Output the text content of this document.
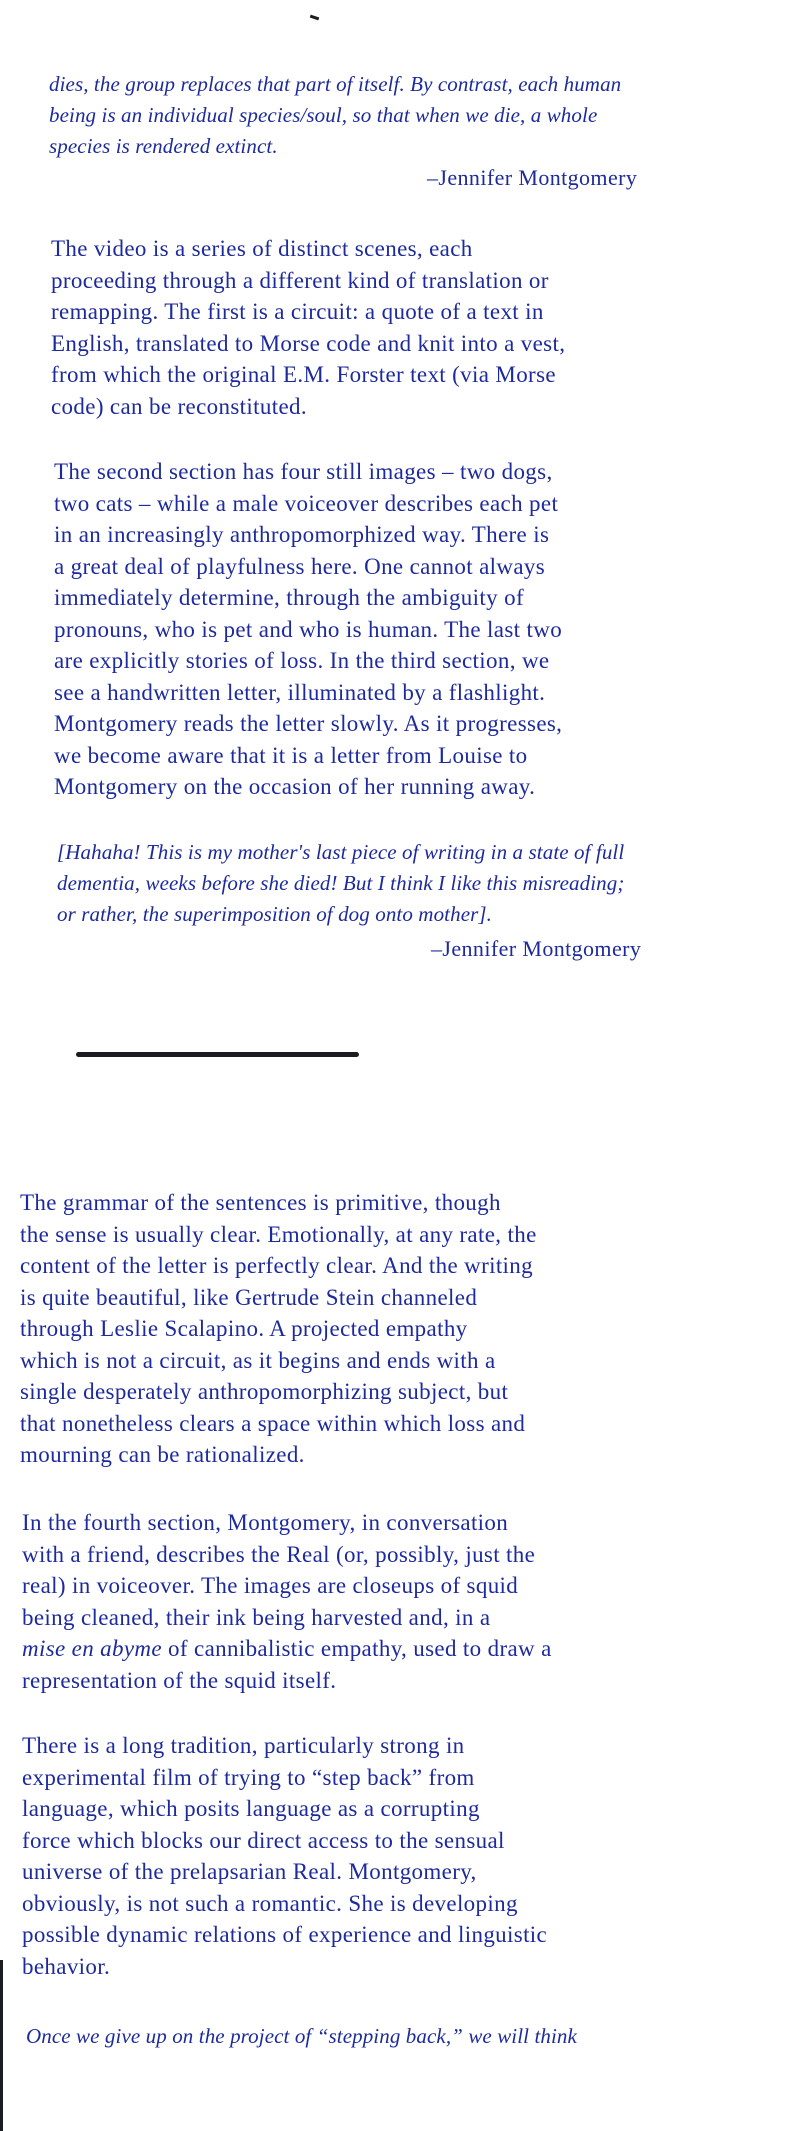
dies, the group replaces that part of itself. By contrast, each human
being is an individual species/soul, so that when we die, a whole
species is rendered extinct.
–Jennifer Montgomery
The video is a series of distinct scenes, each
proceeding through a different kind of translation or
remapping. The first is a circuit: a quote of a text in
English, translated to Morse code and knit into a vest,
from which the original E.M. Forster text (via Morse
code) can be reconstituted.
The second section has four still images – two dogs,
two cats – while a male voiceover describes each pet
in an increasingly anthropomorphized way. There is
a great deal of playfulness here. One cannot always
immediately determine, through the ambiguity of
pronouns, who is pet and who is human. The last two
are explicitly stories of loss. In the third section, we
see a handwritten letter, illuminated by a flashlight.
Montgomery reads the letter slowly. As it progresses,
we become aware that it is a letter from Louise to
Montgomery on the occasion of her running away.
[Hahaha! This is my mother's last piece of writing in a state of full
dementia, weeks before she died! But I think I like this misreading;
or rather, the superimposition of dog onto mother].
–Jennifer Montgomery
The grammar of the sentences is primitive, though
the sense is usually clear. Emotionally, at any rate, the
content of the letter is perfectly clear. And the writing
is quite beautiful, like Gertrude Stein channeled
through Leslie Scalapino. A projected empathy
which is not a circuit, as it begins and ends with a
single desperately anthropomorphizing subject, but
that nonetheless clears a space within which loss and
mourning can be rationalized.
In the fourth section, Montgomery, in conversation
with a friend, describes the Real (or, possibly, just the
real) in voiceover. The images are closeups of squid
being cleaned, their ink being harvested and, in a
mise en abyme of cannibalistic empathy, used to draw a
representation of the squid itself.
There is a long tradition, particularly strong in
experimental film of trying to “step back” from
language, which posits language as a corrupting
force which blocks our direct access to the sensual
universe of the prelapsarian Real. Montgomery,
obviously, is not such a romantic. She is developing
possible dynamic relations of experience and linguistic
behavior.
Once we give up on the project of “stepping back,” we will think
